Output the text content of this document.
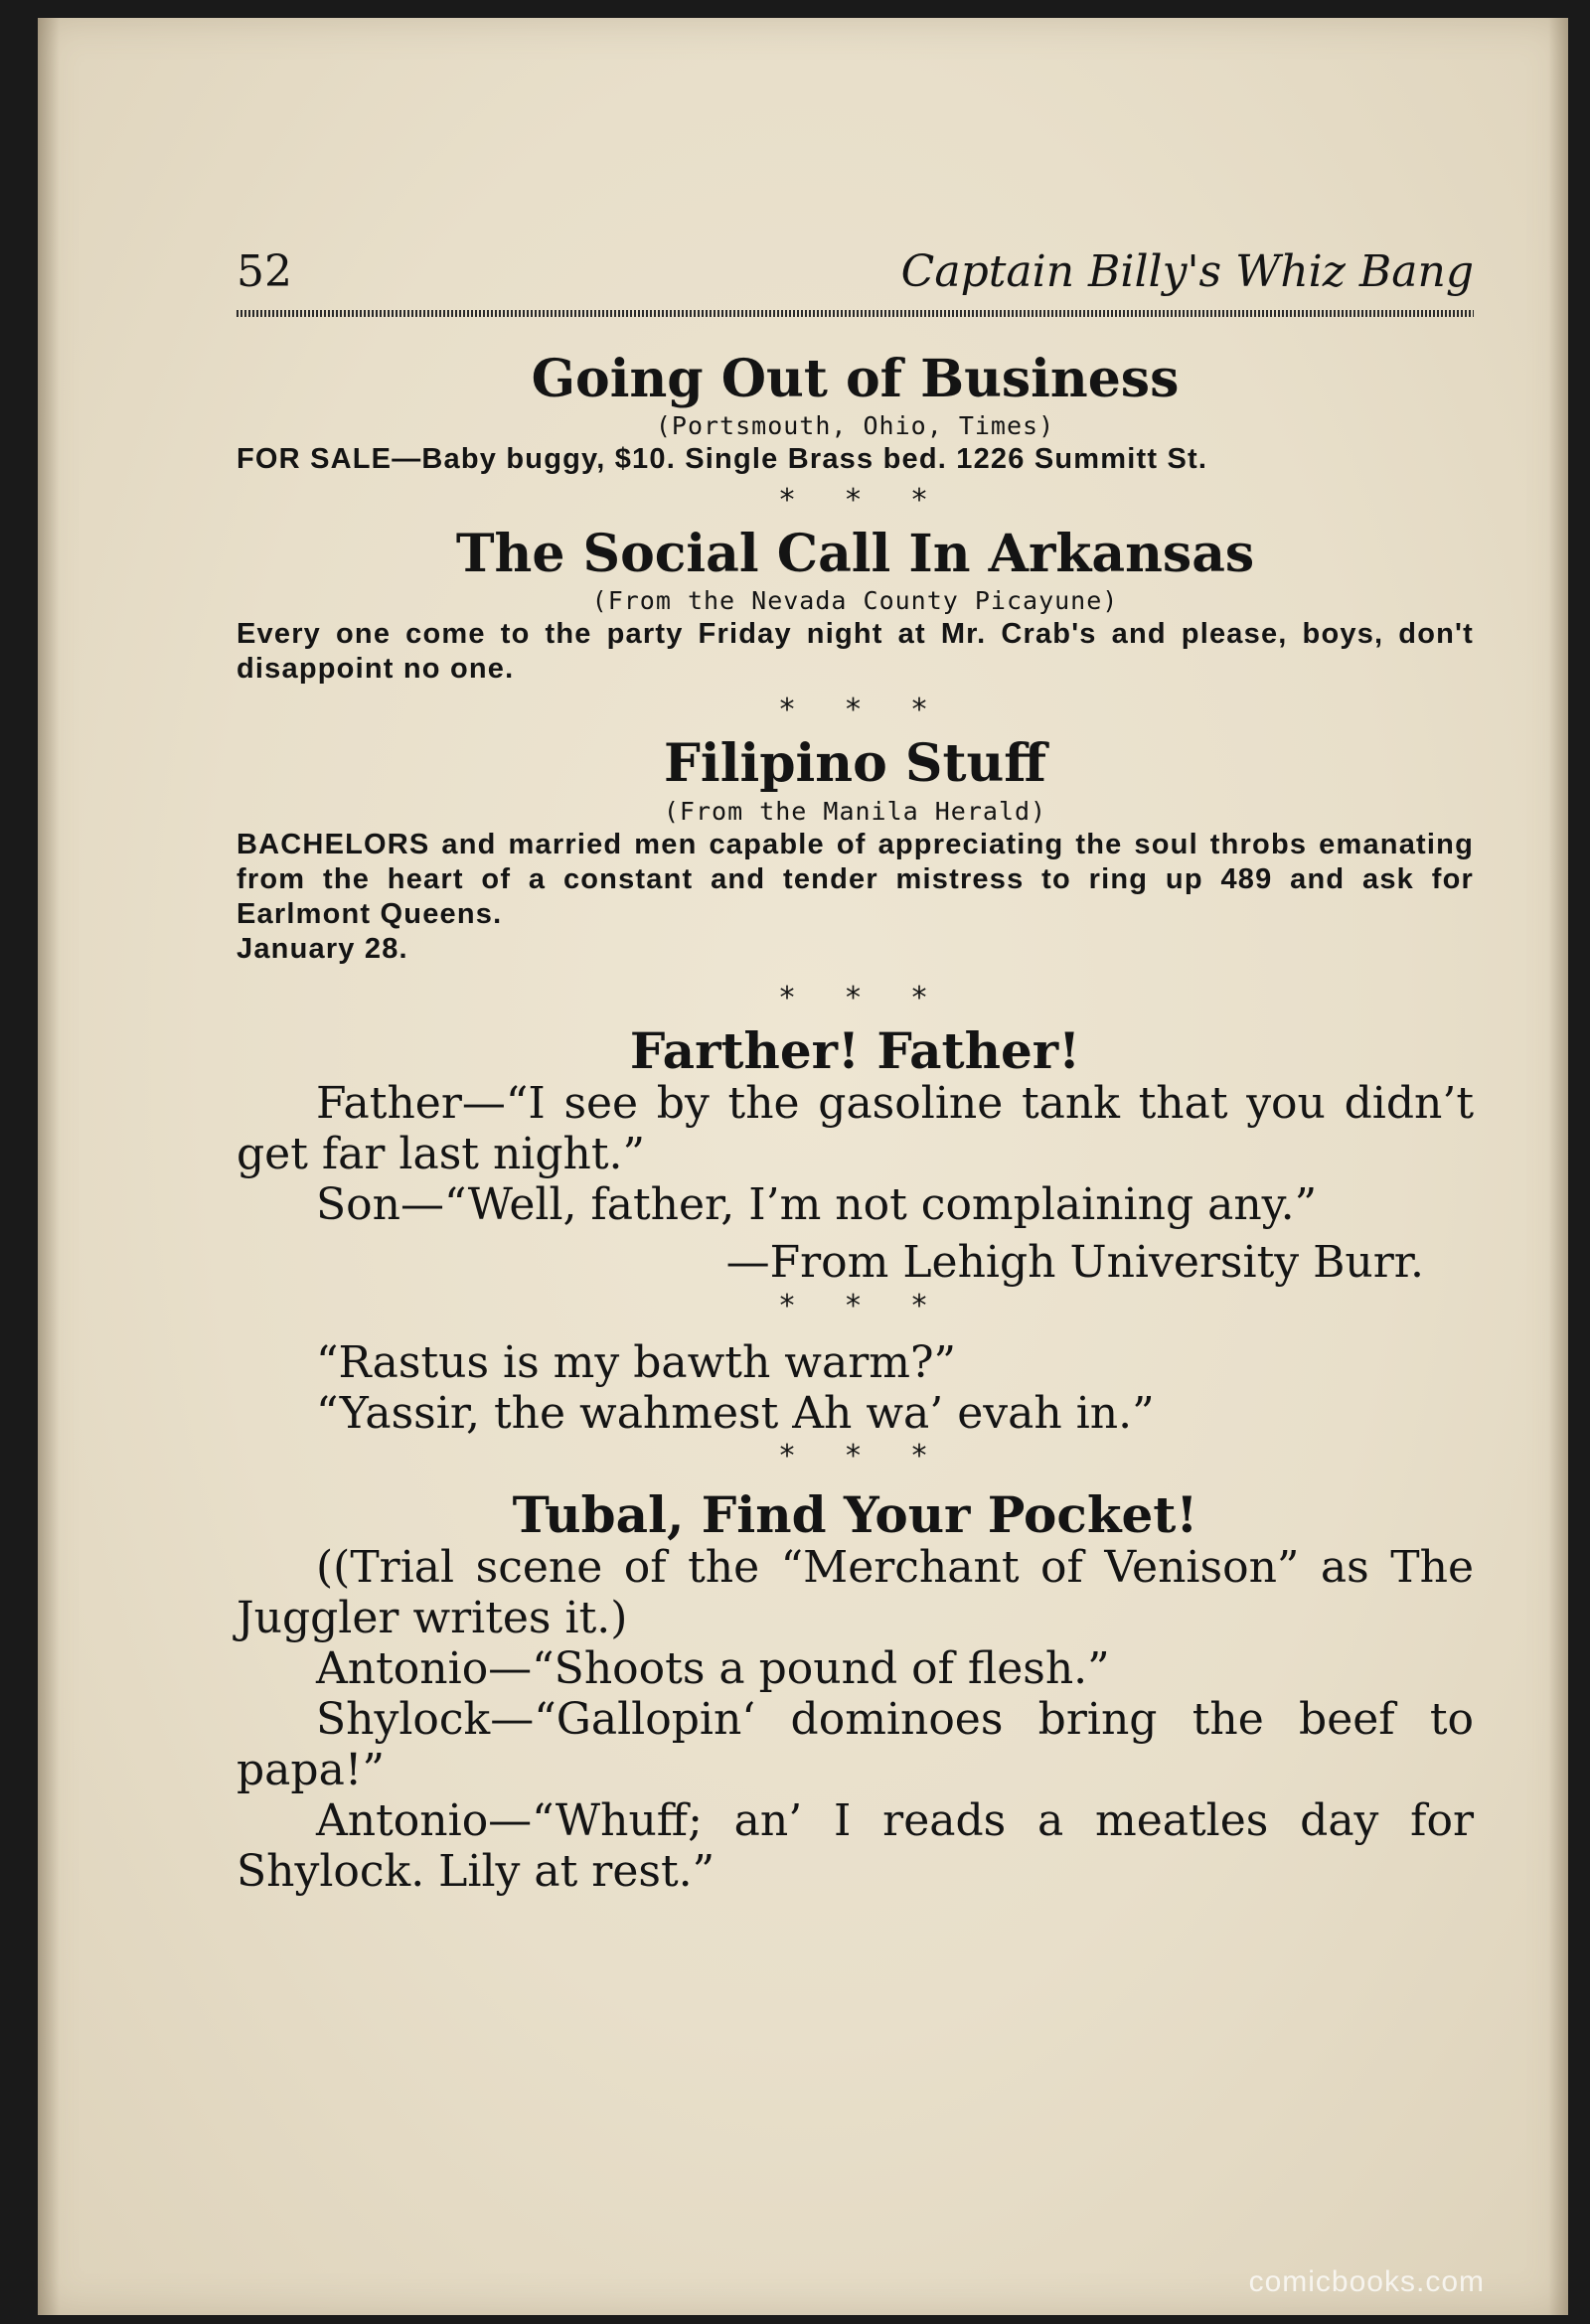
52	Captain Billy's Whiz Bang
Going Out of Business
(Portsmouth, Ohio, Times)

FOR SALE—Baby buggy, $10. Single Brass bed. 1226 Summitt St.

* * *
The Social Call In Arkansas
(From the Nevada County Picayune)

Every one come to the party Friday night at Mr. Crab's and please, boys, don't disappoint no one.

* * *
Filipino Stuff
(From the Manila Herald)

BACHELORS and married men capable of appreciating the soul throbs emanating from the heart of a constant and tender mistress to ring up 489 and ask for Earlmont Queens.

January 28.

* * *
Farther! Father!

Father—“I see by the gasoline tank that you didn’t get far last night.”

Son—“Well, father, I’m not complaining any.”

—From Lehigh University Burr.
* * *

“Rastus is my bawth warm?”

“Yassir, the wahmest Ah wa’ evah in.”

* * *
Tubal, Find Your Pocket!

((Trial scene of the “Merchant of Venison” as The Juggler writes it.)

Antonio—“Shoots a pound of flesh.”

Shylock—“Gallopin‘ dominoes bring the beef to papa!”

Antonio—“Whuff; an’ I reads a meatles day for Shylock. Lily at rest.”

comicbooks.com
